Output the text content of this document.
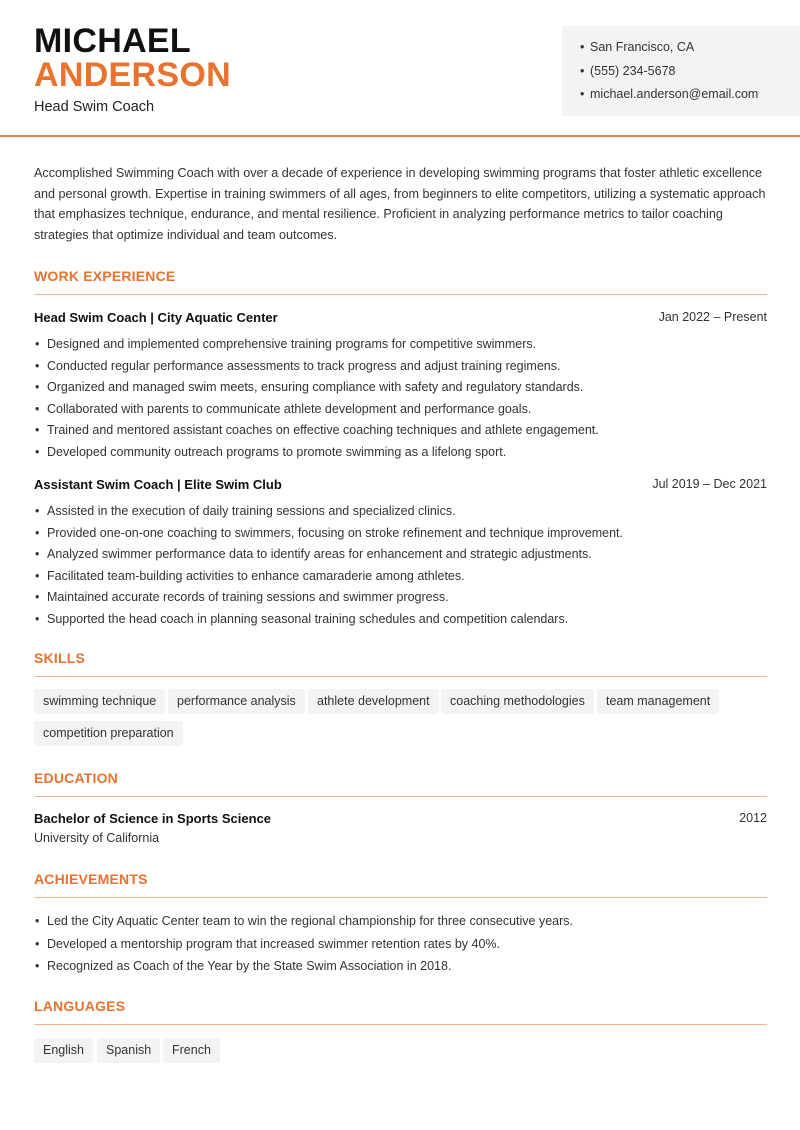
MICHAEL
ANDERSON
Head Swim Coach
• San Francisco, CA
• (555) 234-5678
• michael.anderson@email.com

Accomplished Swimming Coach with over a decade of experience in developing swimming programs that foster athletic excellence and personal growth. Expertise in training swimmers of all ages, from beginners to elite competitors, utilizing a systematic approach that emphasizes technique, endurance, and mental resilience. Proficient in analyzing performance metrics to tailor coaching strategies that optimize individual and team outcomes.

WORK EXPERIENCE
Head Swim Coach | City Aquatic Center	Jan 2022 – Present
• Designed and implemented comprehensive training programs for competitive swimmers.
• Conducted regular performance assessments to track progress and adjust training regimens.
• Organized and managed swim meets, ensuring compliance with safety and regulatory standards.
• Collaborated with parents to communicate athlete development and performance goals.
• Trained and mentored assistant coaches on effective coaching techniques and athlete engagement.
• Developed community outreach programs to promote swimming as a lifelong sport.
Assistant Swim Coach | Elite Swim Club	Jul 2019 – Dec 2021
• Assisted in the execution of daily training sessions and specialized clinics.
• Provided one-on-one coaching to swimmers, focusing on stroke refinement and technique improvement.
• Analyzed swimmer performance data to identify areas for enhancement and strategic adjustments.
• Facilitated team-building activities to enhance camaraderie among athletes.
• Maintained accurate records of training sessions and swimmer progress.
• Supported the head coach in planning seasonal training schedules and competition calendars.
SKILLS
swimming technique	performance analysis	athlete development	coaching methodologies	team management
competition preparation
EDUCATION
Bachelor of Science in Sports Science	2012
University of California
ACHIEVEMENTS
• Led the City Aquatic Center team to win the regional championship for three consecutive years.
• Developed a mentorship program that increased swimmer retention rates by 40%.
• Recognized as Coach of the Year by the State Swim Association in 2018.
LANGUAGES
English	Spanish	French
